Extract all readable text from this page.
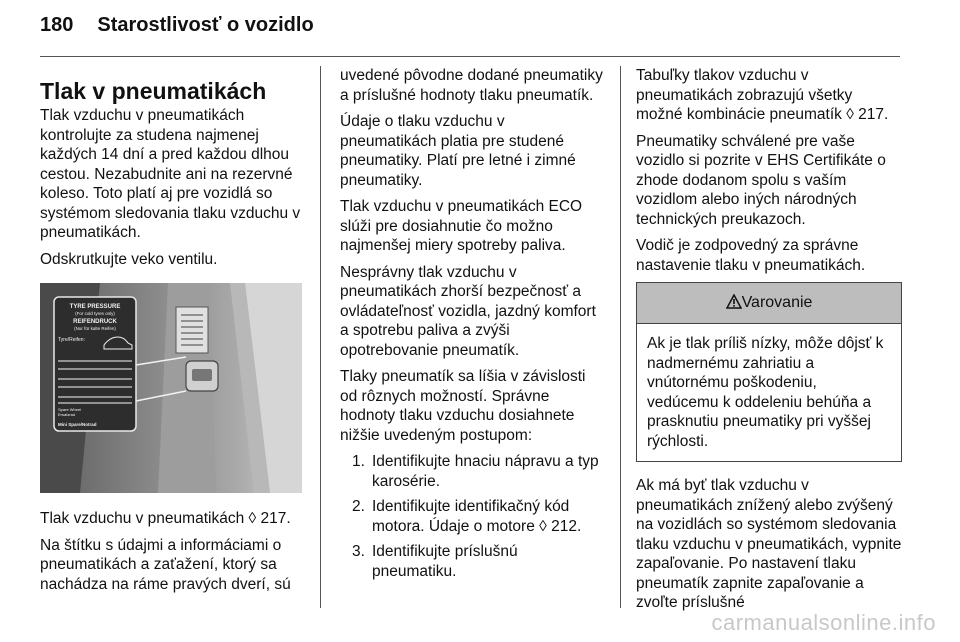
180 Starostlivosť o vozidlo
Tlak v pneumatikách

Tlak vzduchu v pneumatikách kontrolujte za studena najmenej každých 14 dní a pred každou dlhou cestou. Nezabudnite ani na rezervné koleso. Toto platí aj pre vozidlá so systémom sledovania tlaku vzduchu v pneumatikách.

Odskrutkujte veko ventilu.

TYRE PRESSURE
(For cold tyres only)
REIFENDRUCK
(Nur für kalte Reifen)
Tyre/Reifen:
Spare Wheel
Ersatzrad
Mini Spare/Notrad

Tlak vzduchu v pneumatikách ◊ 217.

Na štítku s údajmi a informáciami o pneumatikách a zaťažení, ktorý sa nachádza na ráme pravých dverí, sú

uvedené pôvodne dodané pneumatiky a príslušné hodnoty tlaku pneumatík.

Údaje o tlaku vzduchu v pneumatikách platia pre studené pneumatiky. Platí pre letné i zimné pneumatiky.

Tlak vzduchu v pneumatikách ECO slúži pre dosiahnutie čo možno najmenšej miery spotreby paliva.

Nesprávny tlak vzduchu v pneumatikách zhorší bezpečnosť a ovládateľnosť vozidla, jazdný komfort a spotrebu paliva a zvýši opotrebovanie pneumatík.

Tlaky pneumatík sa líšia v závislosti od rôznych možností. Správne hodnoty tlaku vzduchu dosiahnete nižšie uvedeným postupom:

1. Identifikujte hnaciu nápravu a typ karosérie.
2. Identifikujte identifikačný kód motora. Údaje o motore ◊ 212.
3. Identifikujte príslušnú pneumatiku.

Tabuľky tlakov vzduchu v pneumatikách zobrazujú všetky možné kombinácie pneumatík ◊ 217.

Pneumatiky schválené pre vaše vozidlo si pozrite v EHS Certifikáte o zhode dodanom spolu s vaším vozidlom alebo iných národných technických preukazoch.

Vodič je zodpovedný za správne nastavenie tlaku v pneumatikách.

Varovanie
Ak je tlak príliš nízky, môže dôjsť k nadmernému zahriatiu a vnútornému poškodeniu, vedúcemu k oddeleniu behúňa a prasknutiu pneumatiky pri vyššej rýchlosti.

Ak má byť tlak vzduchu v pneumatikách znížený alebo zvýšený na vozidlách so systémom sledovania tlaku vzduchu v pneumatikách, vypnite zapaľovanie. Po nastavení tlaku pneumatík zapnite zapaľovanie a zvoľte príslušné

carmanualsonline.info
